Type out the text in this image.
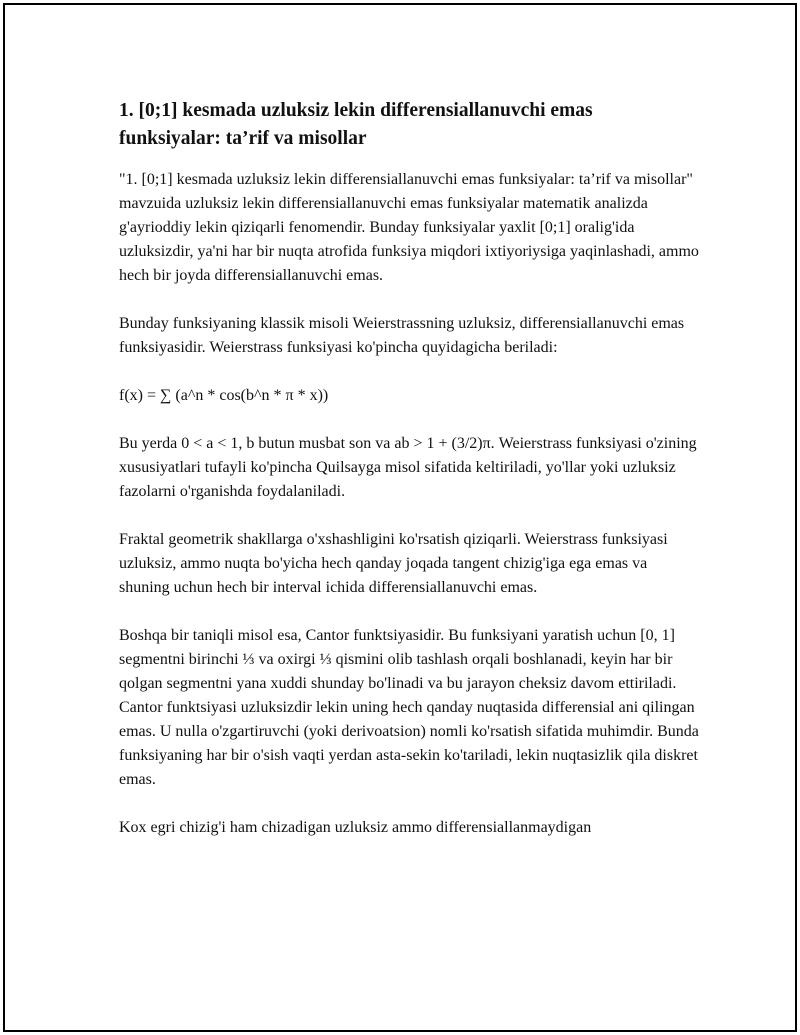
1. [0;1] kesmada uzluksiz lekin differensiallanuvchi emas funksiyalar: ta’rif va misollar

"1. [0;1] kesmada uzluksiz lekin differensiallanuvchi emas funksiyalar: ta’rif va misollar" mavzuida uzluksiz lekin differensiallanuvchi emas funksiyalar matematik analizda g'ayrioddiy lekin qiziqarli fenomendir. Bunday funksiyalar yaxlit [0;1] oralig'ida uzluksizdir, ya'ni har bir nuqta atrofida funksiya miqdori ixtiyoriysiga yaqinlashadi, ammo hech bir joyda differensiallanuvchi emas.

Bunday funksiyaning klassik misoli Weierstrassning uzluksiz, differensiallanuvchi emas funksiyasidir. Weierstrass funksiyasi ko'pincha quyidagicha beriladi:

f(x) = ∑ (a^n * cos(b^n * π * x))

Bu yerda 0 < a < 1, b butun musbat son va ab > 1 + (3/2)π. Weierstrass funksiyasi o'zining xususiyatlari tufayli ko'pincha Quilsayga misol sifatida keltiriladi, yo'llar yoki uzluksiz fazolarni o'rganishda foydalaniladi.

Fraktal geometrik shakllarga o'xshashligini ko'rsatish qiziqarli. Weierstrass funksiyasi uzluksiz, ammo nuqta bo'yicha hech qanday joqada tangent chizig'iga ega emas va shuning uchun hech bir interval ichida differensiallanuvchi emas.

Boshqa bir taniqli misol esa, Cantor funktsiyasidir. Bu funksiyani yaratish uchun [0, 1] segmentni birinchi ⅓ va oxirgi ⅓ qismini olib tashlash orqali boshlanadi, keyin har bir qolgan segmentni yana xuddi shunday bo'linadi va bu jarayon cheksiz davom ettiriladi. Cantor funktsiyasi uzluksizdir lekin uning hech qanday nuqtasida differensial ani qilingan emas. U nulla o'zgartiruvchi (yoki derivoatsion) nomli ko'rsatish sifatida muhimdir. Bunda funksiyaning har bir o'sish vaqti yerdan asta-sekin ko'tariladi, lekin nuqtasizlik qila diskret emas.

Kox egri chizig'i ham chizadigan uzluksiz ammo differensiallanmaydigan
